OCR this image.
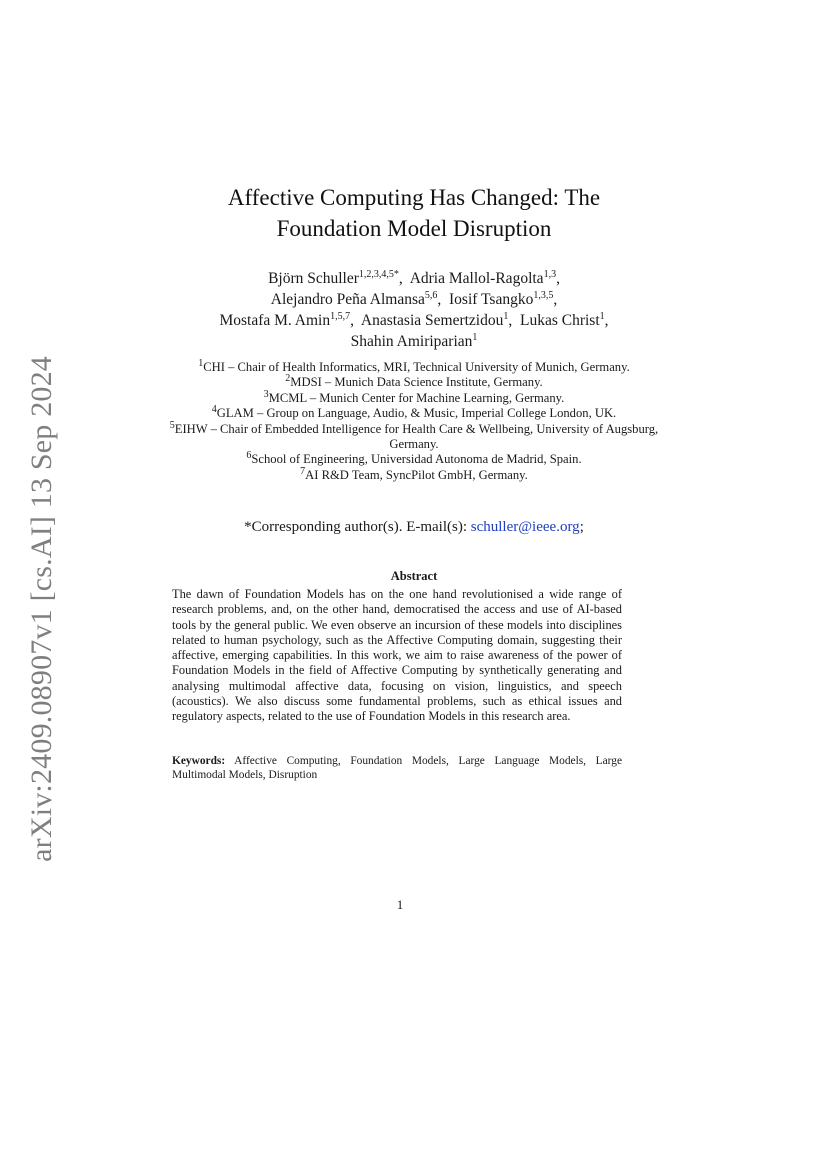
arXiv:2409.08907v1 [cs.AI] 13 Sep 2024
Affective Computing Has Changed: The
Foundation Model Disruption
Björn Schuller$^{1,2,3,4,5*}$,  Adria Mallol-Ragolta$^{1,3}$,
Alejandro Peña Almansa$^{5,6}$,  Iosif Tsangko$^{1,3,5}$,
Mostafa M. Amin$^{1,5,7}$,  Anastasia Semertzidou$^1$,  Lukas Christ$^1$,
Shahin Amiriparian$^1$
$^1$CHI – Chair of Health Informatics, MRI, Technical University of Munich, Germany.
$^2$MDSI – Munich Data Science Institute, Germany.
$^3$MCML – Munich Center for Machine Learning, Germany.
$^4$GLAM – Group on Language, Audio, & Music, Imperial College London, UK.
$^5$EIHW – Chair of Embedded Intelligence for Health Care & Wellbeing, University of Augsburg, Germany.
$^6$School of Engineering, Universidad Autonoma de Madrid, Spain.
$^7$AI R&D Team, SyncPilot GmbH, Germany.
*Corresponding author(s). E-mail(s): schuller@ieee.org;
Abstract
The dawn of Foundation Models has on the one hand revolutionised a wide range of research problems, and, on the other hand, democratised the access and use of AI-based tools by the general public. We even observe an incursion of these models into disciplines related to human psychology, such as the Affective Computing domain, suggesting their affective, emerging capabilities. In this work, we aim to raise awareness of the power of Foundation Models in the field of Affective Computing by synthetically generating and analysing multimodal affective data, focusing on vision, linguistics, and speech (acoustics). We also discuss some fundamental problems, such as ethical issues and regulatory aspects, related to the use of Foundation Models in this research area.
Keywords: Affective Computing, Foundation Models, Large Language Models, Large Multimodal Models, Disruption
1
